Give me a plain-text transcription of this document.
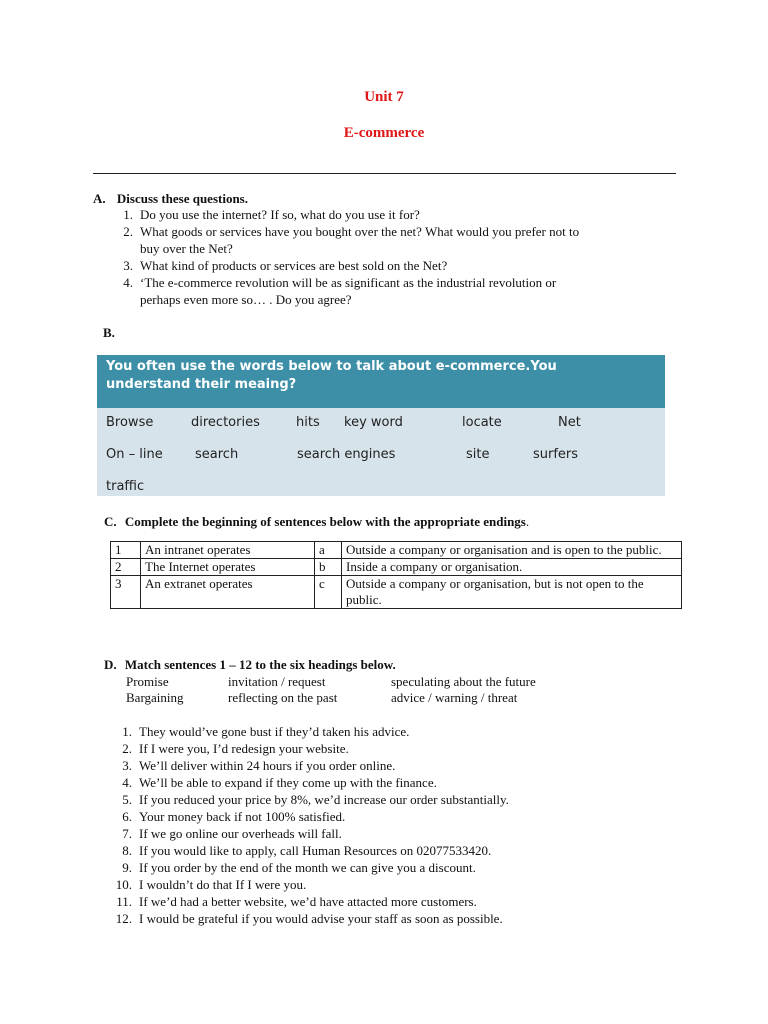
Unit 7
E-commerce
A. Discuss these questions.
1. Do you use the internet? If so, what do you use it for?
2. What goods or services have you bought over the net? What would you prefer not to
buy over the Net?
3. What kind of products or services are best sold on the Net?
4. ‘The e-commerce revolution will be as significant as the industrial revolution or
perhaps even more so… . Do you agree?
B.
You often use the words below to talk about e-commerce.You
understand their meaing?
Browse	directories	hits key word	locate	Net
On – line search	search engines	site	surfers
traffic
C. Complete the beginning of sentences below with the appropriate endings.
1	An intranet operates	a	Outside a company or organisation and is open to the public.
2	The Internet operates	b	Inside a company or organisation.
3	An extranet operates	c	Outside a company or organisation, but is not open to the public.
D. Match sentences 1 – 12 to the six headings below.
Promise	invitation / request	speculating about the future
Bargaining	reflecting on the past	advice / warning / threat
1. They would’ve gone bust if they’d taken his advice.
2. If I were you, I’d redesign your website.
3. We’ll deliver within 24 hours if you order online.
4. We’ll be able to expand if they come up with the finance.
5. If you reduced your price by 8%, we’d increase our order substantially.
6. Your money back if not 100% satisfied.
7. If we go online our overheads will fall.
8. If you would like to apply, call Human Resources on 02077533420.
9. If you order by the end of the month we can give you a discount.
10. I wouldn’t do that If I were you.
11. If we’d had a better website, we’d have attacted more customers.
12. I would be grateful if you would advise your staff as soon as possible.
